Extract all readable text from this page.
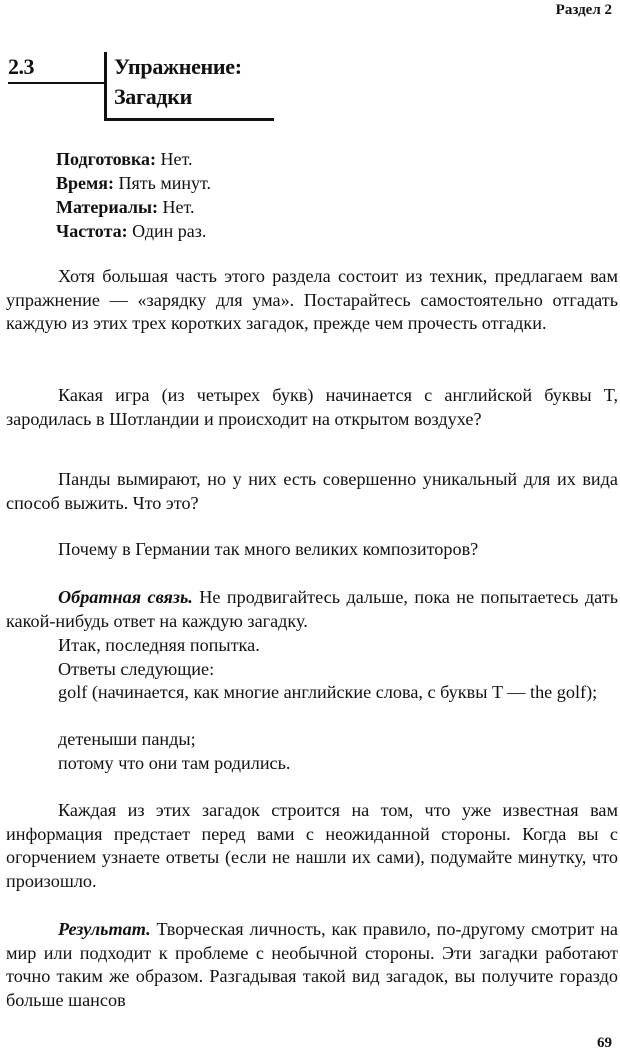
Раздел 2
2.3	Упражнение:
Загадки
Подготовка: Нет.
Время: Пять минут.
Материалы: Нет.
Частота: Один раз.

Хотя большая часть этого раздела состоит из техник, предлагаем вам упражнение — «зарядку для ума». Постарайтесь самостоятельно отгадать каждую из этих трех коротких загадок, прежде чем прочесть отгадки.

Какая игра (из четырех букв) начинается с английской буквы T, зародилась в Шотландии и происходит на открытом воздухе?

Панды вымирают, но у них есть совершенно уникальный для их вида способ выжить. Что это?

Почему в Германии так много великих композиторов?

Обратная связь. Не продвигайтесь дальше, пока не попытаетесь дать какой-нибудь ответ на каждую загадку.

Итак, последняя попытка.
Ответы следующие:

golf (начинается, как многие английские слова, с буквы T — the golf);

детеныши панды;
потому что они там родились.

Каждая из этих загадок строится на том, что уже известная вам информация предстает перед вами с неожиданной стороны. Когда вы с огорчением узнаете ответы (если не нашли их сами), подумайте минутку, что произошло.

Результат. Творческая личность, как правило, по-другому смотрит на мир или подходит к проблеме с необычной стороны. Эти загадки работают точно таким же образом. Разгадывая такой вид загадок, вы получите гораздо больше шансов

69
